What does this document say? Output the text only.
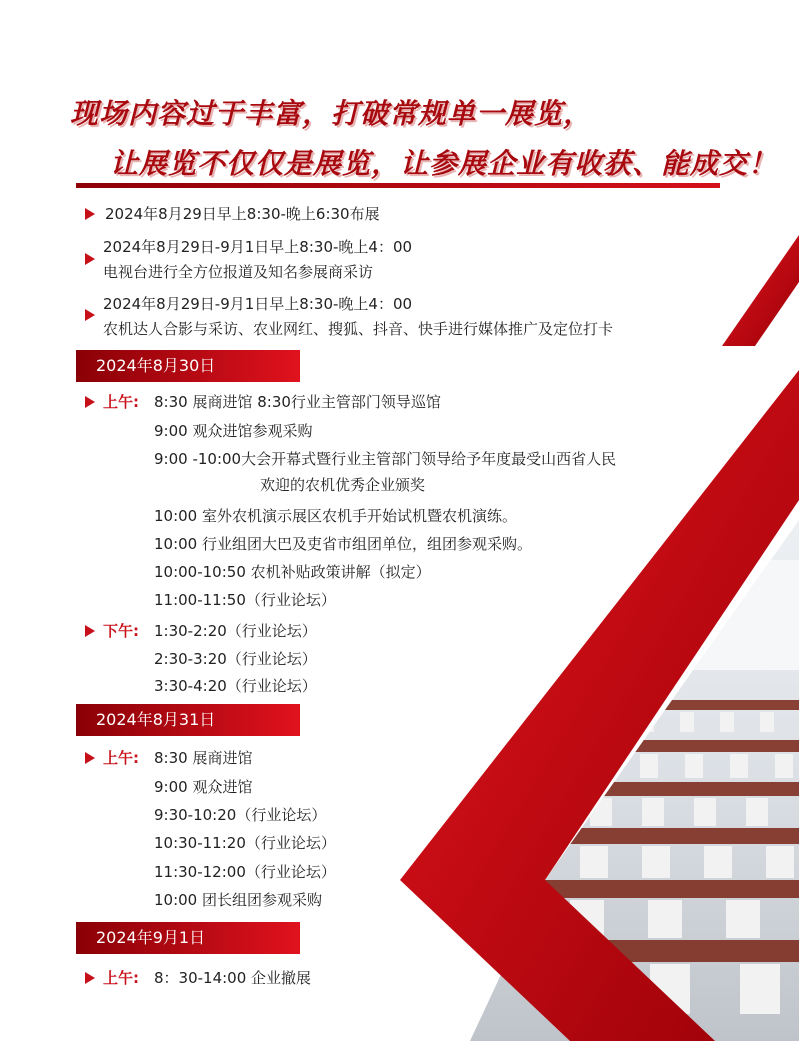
现场内容过于丰富，打破常规单一展览，
让展览不仅仅是展览，让参展企业有收获、能成交！
2024年8月29日早上8:30-晚上6:30布展
2024年8月29日-9月1日早上8:30-晚上4：00
电视台进行全方位报道及知名参展商采访
2024年8月29日-9月1日早上8:30-晚上4：00
农机达人合影与采访、农业网红、搜狐、抖音、快手进行媒体推广及定位打卡
2024年8月30日
上午: 8:30 展商进馆 8:30行业主管部门领导巡馆
9:00 观众进馆参观采购
9:00 -10:00大会开幕式暨行业主管部门领导给予年度最受山西省人民
欢迎的农机优秀企业颁奖
10:00 室外农机演示展区农机手开始试机暨农机演练。
10:00 行业组团大巴及吏省市组团单位，组团参观采购。
10:00-10:50 农机补贴政策讲解（拟定）
11:00-11:50（行业论坛）
下午: 1:30-2:20（行业论坛）
2:30-3:20（行业论坛）
3:30-4:20（行业论坛）
2024年8月31日
上午: 8:30 展商进馆
9:00 观众进馆
9:30-10:20（行业论坛）
10:30-11:20（行业论坛）
11:30-12:00（行业论坛）
10:00 团长组团参观采购
2024年9月1日
上午: 8：30-14:00 企业撤展
